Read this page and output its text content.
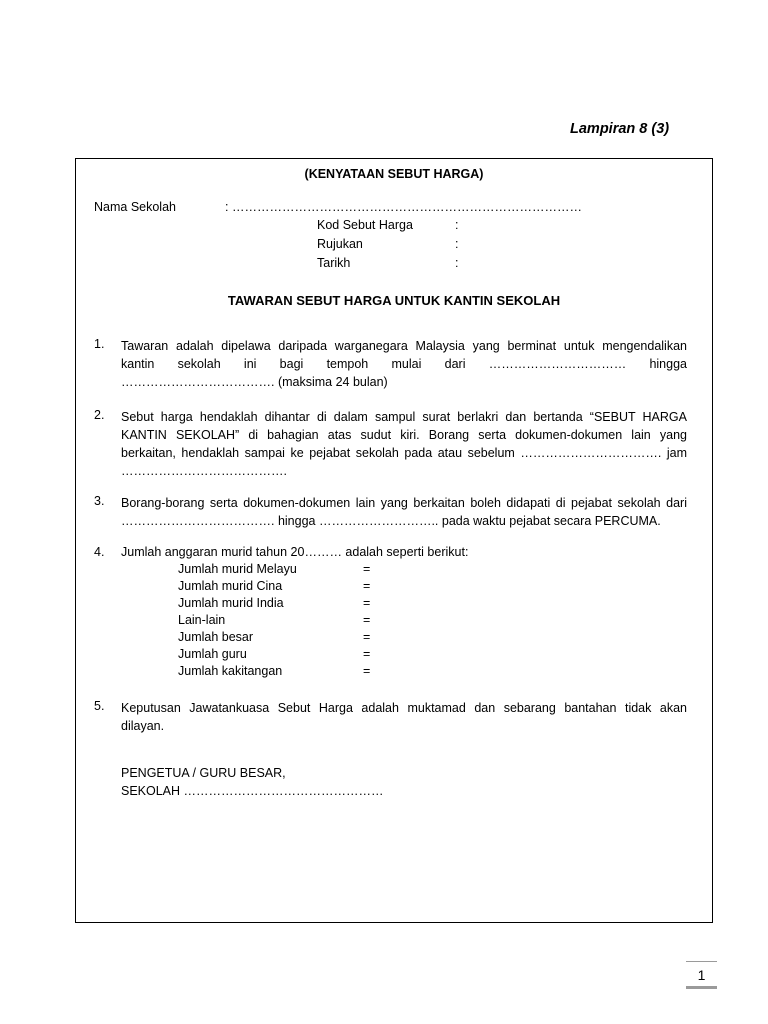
Lampiran 8 (3)
(KENYATAAN SEBUT HARGA)
Nama Sekolah	: …………………………………………………………………………
Kod Sebut Harga	:
Rujukan	:
Tarikh	:
TAWARAN SEBUT HARGA UNTUK KANTIN SEKOLAH
1. Tawaran adalah dipelawa daripada warganegara Malaysia yang berminat untuk mengendalikan
kantin sekolah ini bagi tempoh mulai dari …………………………… hingga
………………………………. (maksima 24 bulan)
2. Sebut harga hendaklah dihantar di dalam sampul surat berlakri dan bertanda “SEBUT HARGA
KANTIN SEKOLAH” di bahagian atas sudut kiri. Borang serta dokumen-dokumen lain yang
berkaitan, hendaklah sampai ke pejabat sekolah pada atau sebelum ……………………………. jam
………………………………….
3. Borang-borang serta dokumen-dokumen lain yang berkaitan boleh didapati di pejabat sekolah dari
………………………………. hingga ……………………….. pada waktu pejabat secara PERCUMA.
4. Jumlah anggaran murid tahun 20……… adalah seperti berikut:
Jumlah murid Melayu	=
Jumlah murid Cina	=
Jumlah murid India	=
Lain-lain	=
Jumlah besar	=
Jumlah guru	=
Jumlah kakitangan	=
5. Keputusan Jawatankuasa Sebut Harga adalah muktamad dan sebarang bantahan tidak akan
dilayan.
PENGETUA / GURU BESAR,
SEKOLAH …………………………………………
1
